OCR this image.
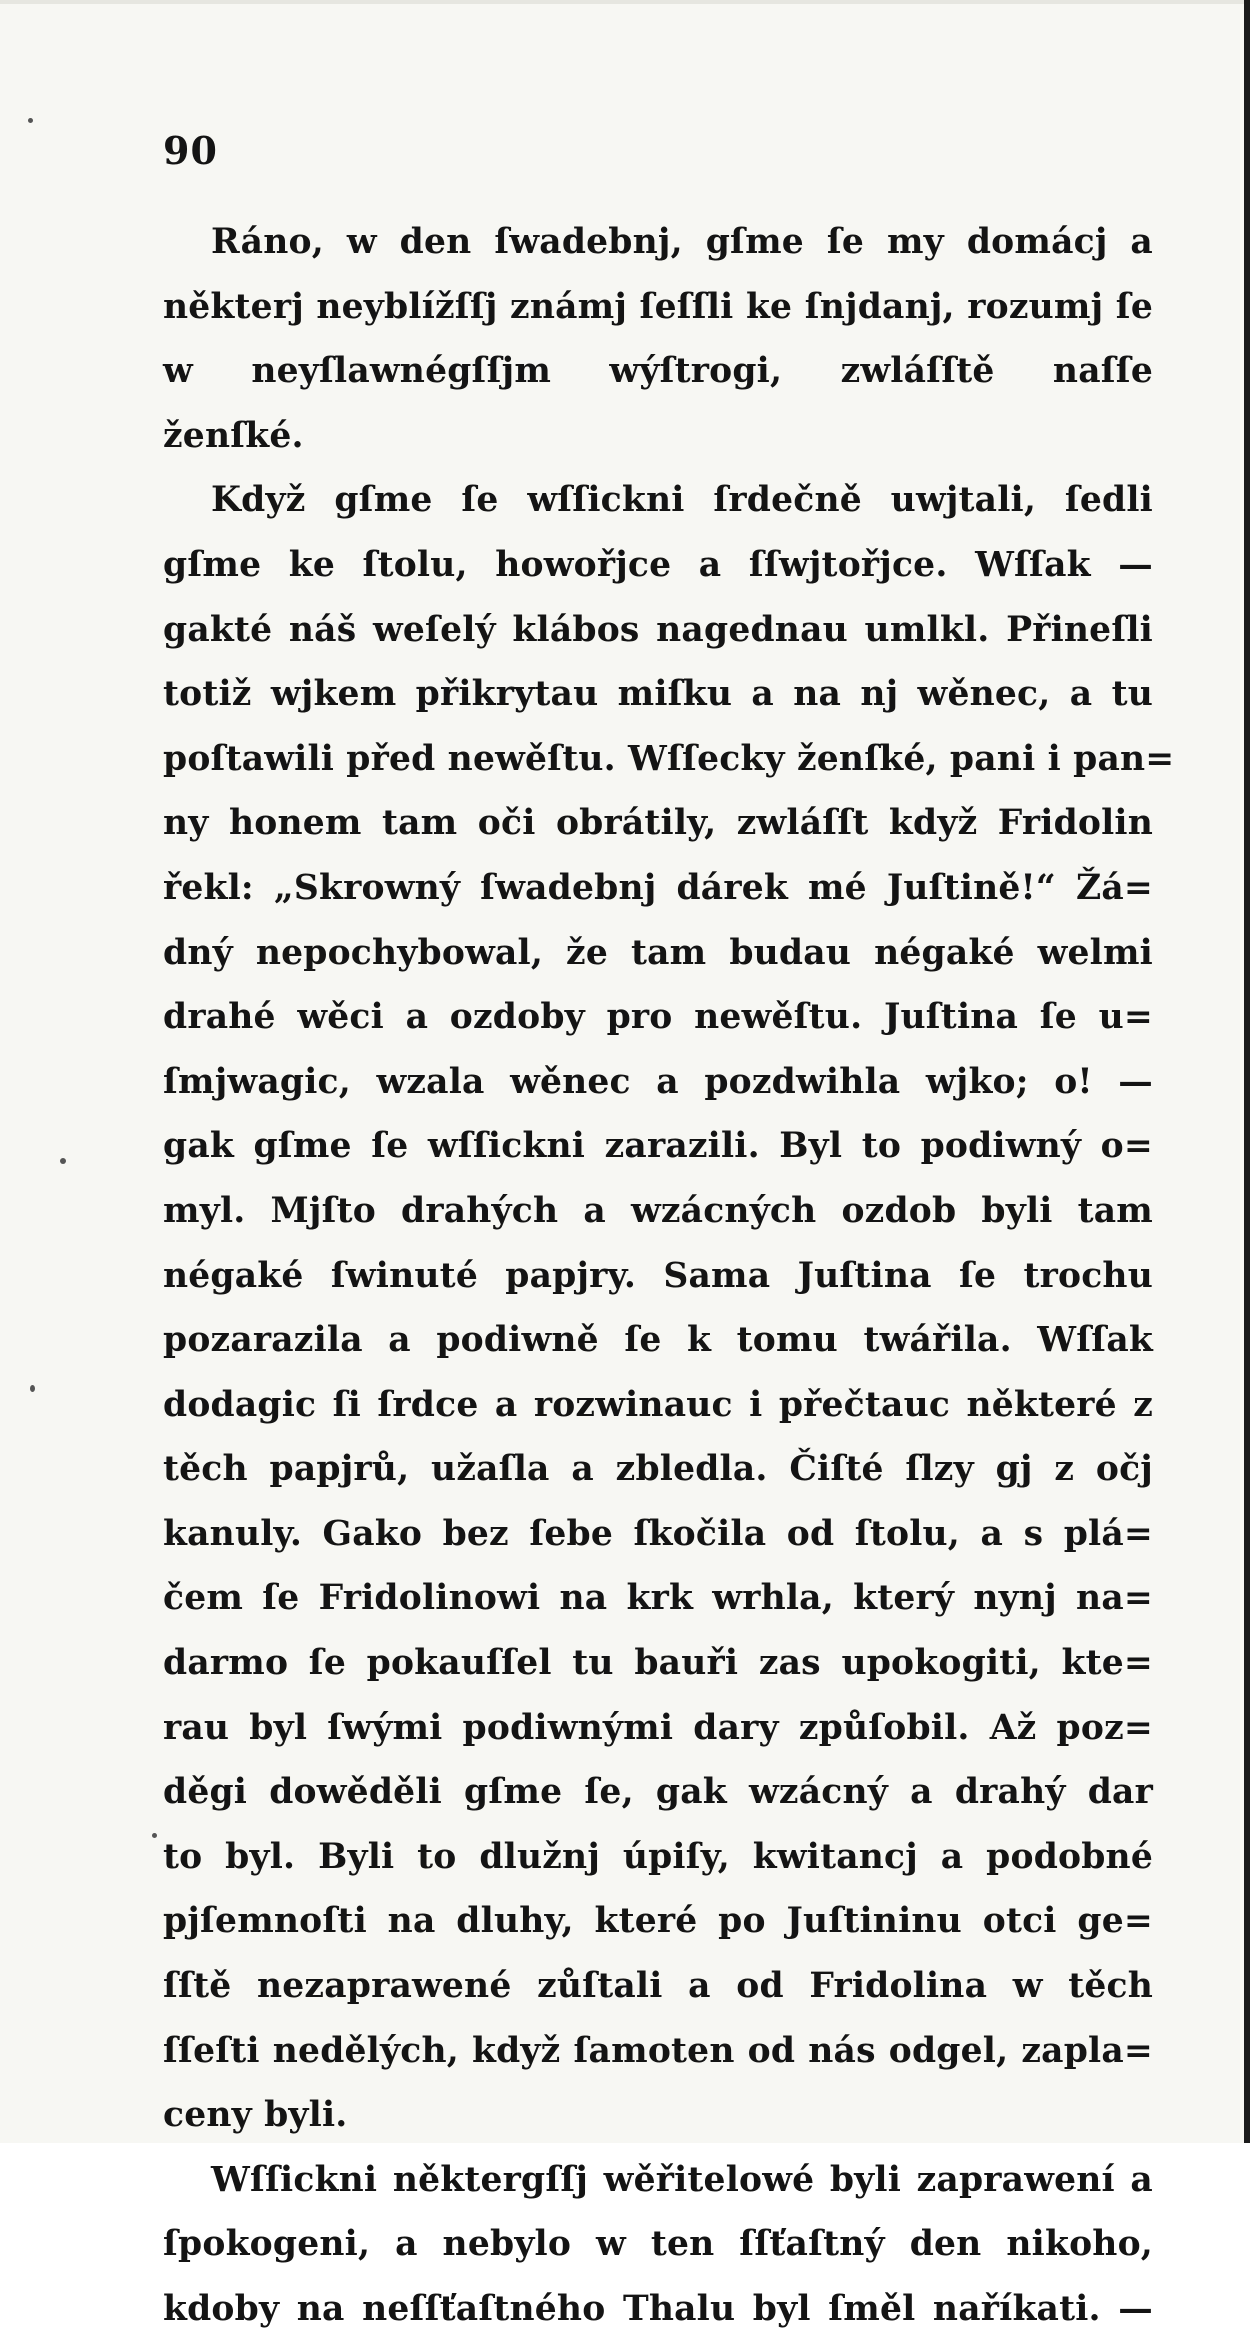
90
Ráno, w den ſwadebnj, gſme ſe my domácj a
některj neyblížſſj známj ſeſſli ke ſnjdanj, rozumj ſe
w neyſlawnégſſjm wýſtrogi, zwláſſtě naſſe
ženſké.
Když gſme ſe wſſickni ſrdečně uwjtali, ſedli
gſme ke ſtolu, howořjce a ſſwjtořjce. Wſſak —
gakté náš weſelý klábos nagednau umlkl. Přineſli
totiž wjkem přikrytau miſku a na nj wěnec, a tu
poſtawili před newěſtu. Wſſecky ženſké, pani i pan=
ny honem tam oči obrátily, zwláſſt když Fridolin
řekl: „Skrowný ſwadebnj dárek mé Juſtině!“ Žá=
dný nepochybowal, že tam budau négaké welmi
drahé wěci a ozdoby pro newěſtu. Juſtina ſe u=
ſmjwagic, wzala wěnec a pozdwihla wjko; o! —
gak gſme ſe wſſickni zarazili. Byl to podiwný o=
myl. Mjſto drahých a wzácných ozdob byli tam
négaké ſwinuté papjry. Sama Juſtina ſe trochu
pozarazila a podiwně ſe k tomu twářila. Wſſak
dodagic ſi ſrdce a rozwinauc i přečtauc některé z
těch papjrů, užaſla a zbledla. Čiſté ſlzy gj z očj
kanuly. Gako bez ſebe ſkočila od ſtolu, a s plá=
čem ſe Fridolinowi na krk wrhla, který nynj na=
darmo ſe pokauſſel tu bauři zas upokogiti, kte=
rau byl ſwými podiwnými dary způſobil. Až poz=
děgi dowěděli gſme ſe, gak wzácný a drahý dar
to byl. Byli to dlužnj úpiſy, kwitancj a podobné
pjſemnoſti na dluhy, které po Juſtininu otci ge=
ſſtě nezaprawené zůſtali a od Fridolina w těch
ſſeſti nedělých, když ſamoten od nás odgel, zapla=
ceny byli.
Wſſickni některgſſj wěřitelowé byli zaprawení a
ſpokogeni, a nebylo w ten ſſťaſtný den nikoho,
kdoby na neſſťaſtného Thalu byl ſměl naříkati. —
